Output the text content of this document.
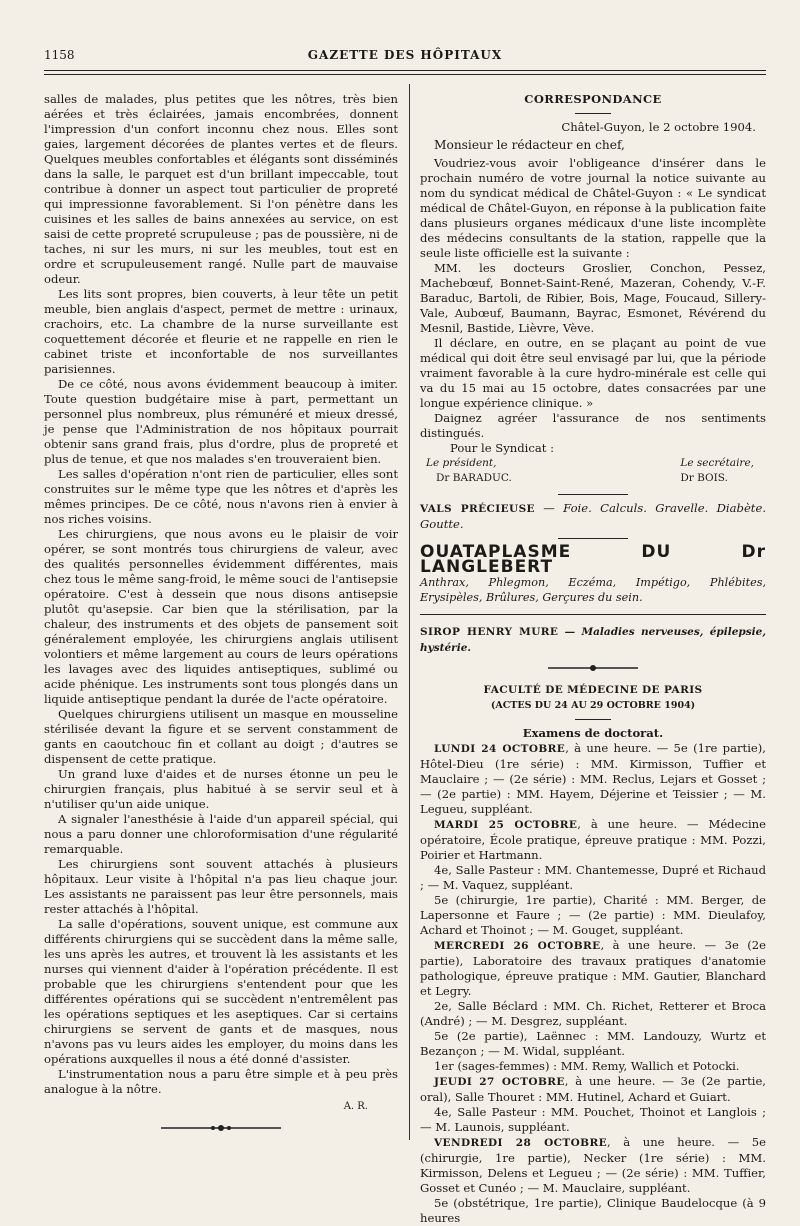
1158	GAZETTE DES HÔPITAUX

salles de malades, plus petites que les nôtres, très bien aérées et très éclairées, jamais encombrées, donnent l'impression d'un confort inconnu chez nous. Elles sont gaies, largement décorées de plantes vertes et de fleurs. Quelques meubles confortables et élégants sont disséminés dans la salle, le parquet est d'un brillant impeccable, tout contribue à donner un aspect tout particulier de propreté qui impressionne favorablement. Si l'on pénètre dans les cuisines et les salles de bains annexées au service, on est saisi de cette propreté scrupuleuse ; pas de poussière, ni de taches, ni sur les murs, ni sur les meubles, tout est en ordre et scrupuleusement rangé. Nulle part de mauvaise odeur.

Les lits sont propres, bien couverts, à leur tête un petit meuble, bien anglais d'aspect, permet de mettre : urinaux, crachoirs, etc. La chambre de la nurse surveillante est coquettement décorée et fleurie et ne rappelle en rien le cabinet triste et inconfortable de nos surveillantes parisiennes.

De ce côté, nous avons évidemment beaucoup à imiter. Toute question budgétaire mise à part, permettant un personnel plus nombreux, plus rémunéré et mieux dressé, je pense que l'Administration de nos hôpitaux pourrait obtenir sans grand frais, plus d'ordre, plus de propreté et plus de tenue, et que nos malades s'en trouveraient bien.

Les salles d'opération n'ont rien de particulier, elles sont construites sur le même type que les nôtres et d'après les mêmes principes. De ce côté, nous n'avons rien à envier à nos riches voisins.

Les chirurgiens, que nous avons eu le plaisir de voir opérer, se sont montrés tous chirurgiens de valeur, avec des qualités personnelles évidemment différentes, mais chez tous le même sang-froid, le même souci de l'antisepsie opératoire. C'est à dessein que nous disons antisepsie plutôt qu'asepsie. Car bien que la stérilisation, par la chaleur, des instruments et des objets de pansement soit généralement employée, les chirurgiens anglais utilisent volontiers et même largement au cours de leurs opérations les lavages avec des liquides antiseptiques, sublimé ou acide phénique. Les instruments sont tous plongés dans un liquide antiseptique pendant la durée de l'acte opératoire.

Quelques chirurgiens utilisent un masque en mousseline stérilisée devant la figure et se servent constamment de gants en caoutchouc fin et collant au doigt ; d'autres se dispensent de cette pratique.

Un grand luxe d'aides et de nurses étonne un peu le chirurgien français, plus habitué à se servir seul et à n'utiliser qu'un aide unique.

A signaler l'anesthésie à l'aide d'un appareil spécial, qui nous a paru donner une chloroformisation d'une régularité remarquable.

Les chirurgiens sont souvent attachés à plusieurs hôpitaux. Leur visite à l'hôpital n'a pas lieu chaque jour. Les assistants ne paraissent pas leur être personnels, mais rester attachés à l'hôpital.

La salle d'opérations, souvent unique, est commune aux différents chirurgiens qui se succèdent dans la même salle, les uns après les autres, et trouvent là les assistants et les nurses qui viennent d'aider à l'opération précédente. Il est probable que les chirurgiens s'entendent pour que les différentes opérations qui se succèdent n'entremêlent pas les opérations septiques et les aseptiques. Car si certains chirurgiens se servent de gants et de masques, nous n'avons pas vu leurs aides les employer, du moins dans les opérations auxquelles il nous a été donné d'assister.

L'instrumentation nous a paru être simple et à peu près analogue à la nôtre.

A. R.
CORRESPONDANCE

Châtel-Guyon, le 2 octobre 1904.

Monsieur le rédacteur en chef,

Voudriez-vous avoir l'obligeance d'insérer dans le prochain numéro de votre journal la notice suivante au nom du syndicat médical de Châtel-Guyon : « Le syndicat médical de Châtel-Guyon, en réponse à la publication faite dans plusieurs organes médicaux d'une liste incomplète des médecins consultants de la station, rappelle que la seule liste officielle est la suivante :

MM. les docteurs Groslier, Conchon, Pessez, Machebœuf, Bonnet-Saint-René, Mazeran, Cohendy, V.-F. Baraduc, Bartoli, de Ribier, Bois, Mage, Foucaud, Sillery-Vale, Aubœuf, Baumann, Bayrac, Esmonet, Révérend du Mesnil, Bastide, Lièvre, Vève.

Il déclare, en outre, en se plaçant au point de vue médical qui doit être seul envisagé par lui, que la période vraiment favorable à la cure hydro-minérale est celle qui va du 15 mai au 15 octobre, dates consacrées par une longue expérience clinique. »

Daignez agréer l'assurance de nos sentiments distingués.

Pour le Syndicat :

Le président,
Dr BARADUC.
Le secrétaire,
Dr BOIS.

VALS PRÉCIEUSE — Foie. Calculs. Gravelle. Diabète. Goutte.

OUATAPLASME DU Dr LANGLEBERT

Anthrax, Phlegmon, Eczéma, Impétigo, Phlébites, Erysipèles, Brûlures, Gerçures du sein.

SIROP HENRY MURE — Maladies nerveuses, épilepsie, hystérie.

FACULTÉ DE MÉDECINE DE PARIS
(ACTES DU 24 AU 29 OCTOBRE 1904)
Examens de doctorat.

LUNDI 24 OCTOBRE, à une heure. — 5e (1re partie), Hôtel-Dieu (1re série) : MM. Kirmisson, Tuffier et Mauclaire ; — (2e série) : MM. Reclus, Lejars et Gosset ; — (2e partie) : MM. Hayem, Déjerine et Teissier ; — M. Legueu, suppléant.

MARDI 25 OCTOBRE, à une heure. — Médecine opératoire, École pratique, épreuve pratique : MM. Pozzi, Poirier et Hartmann.

4e, Salle Pasteur : MM. Chantemesse, Dupré et Richaud ; — M. Vaquez, suppléant.

5e (chirurgie, 1re partie), Charité : MM. Berger, de Lapersonne et Faure ; — (2e partie) : MM. Dieulafoy, Achard et Thoinot ; — M. Gouget, suppléant.

MERCREDI 26 OCTOBRE, à une heure. — 3e (2e partie), Laboratoire des travaux pratiques d'anatomie pathologique, épreuve pratique : MM. Gautier, Blanchard et Legry.

2e, Salle Béclard : MM. Ch. Richet, Retterer et Broca (André) ; — M. Desgrez, suppléant.

5e (2e partie), Laënnec : MM. Landouzy, Wurtz et Bezançon ; — M. Widal, suppléant.

1er (sages-femmes) : MM. Remy, Wallich et Potocki.

JEUDI 27 OCTOBRE, à une heure. — 3e (2e partie, oral), Salle Thouret : MM. Hutinel, Achard et Guiart.

4e, Salle Pasteur : MM. Pouchet, Thoinot et Langlois ; — M. Launois, suppléant.

VENDREDI 28 OCTOBRE, à une heure. — 5e (chirurgie, 1re partie), Necker (1re série) : MM. Kirmisson, Delens et Legueu ; — (2e série) : MM. Tuffier, Gosset et Cunéo ; — M. Mauclaire, suppléant.

5e (obstétrique, 1re partie), Clinique Baudelocque (à 9 heures
